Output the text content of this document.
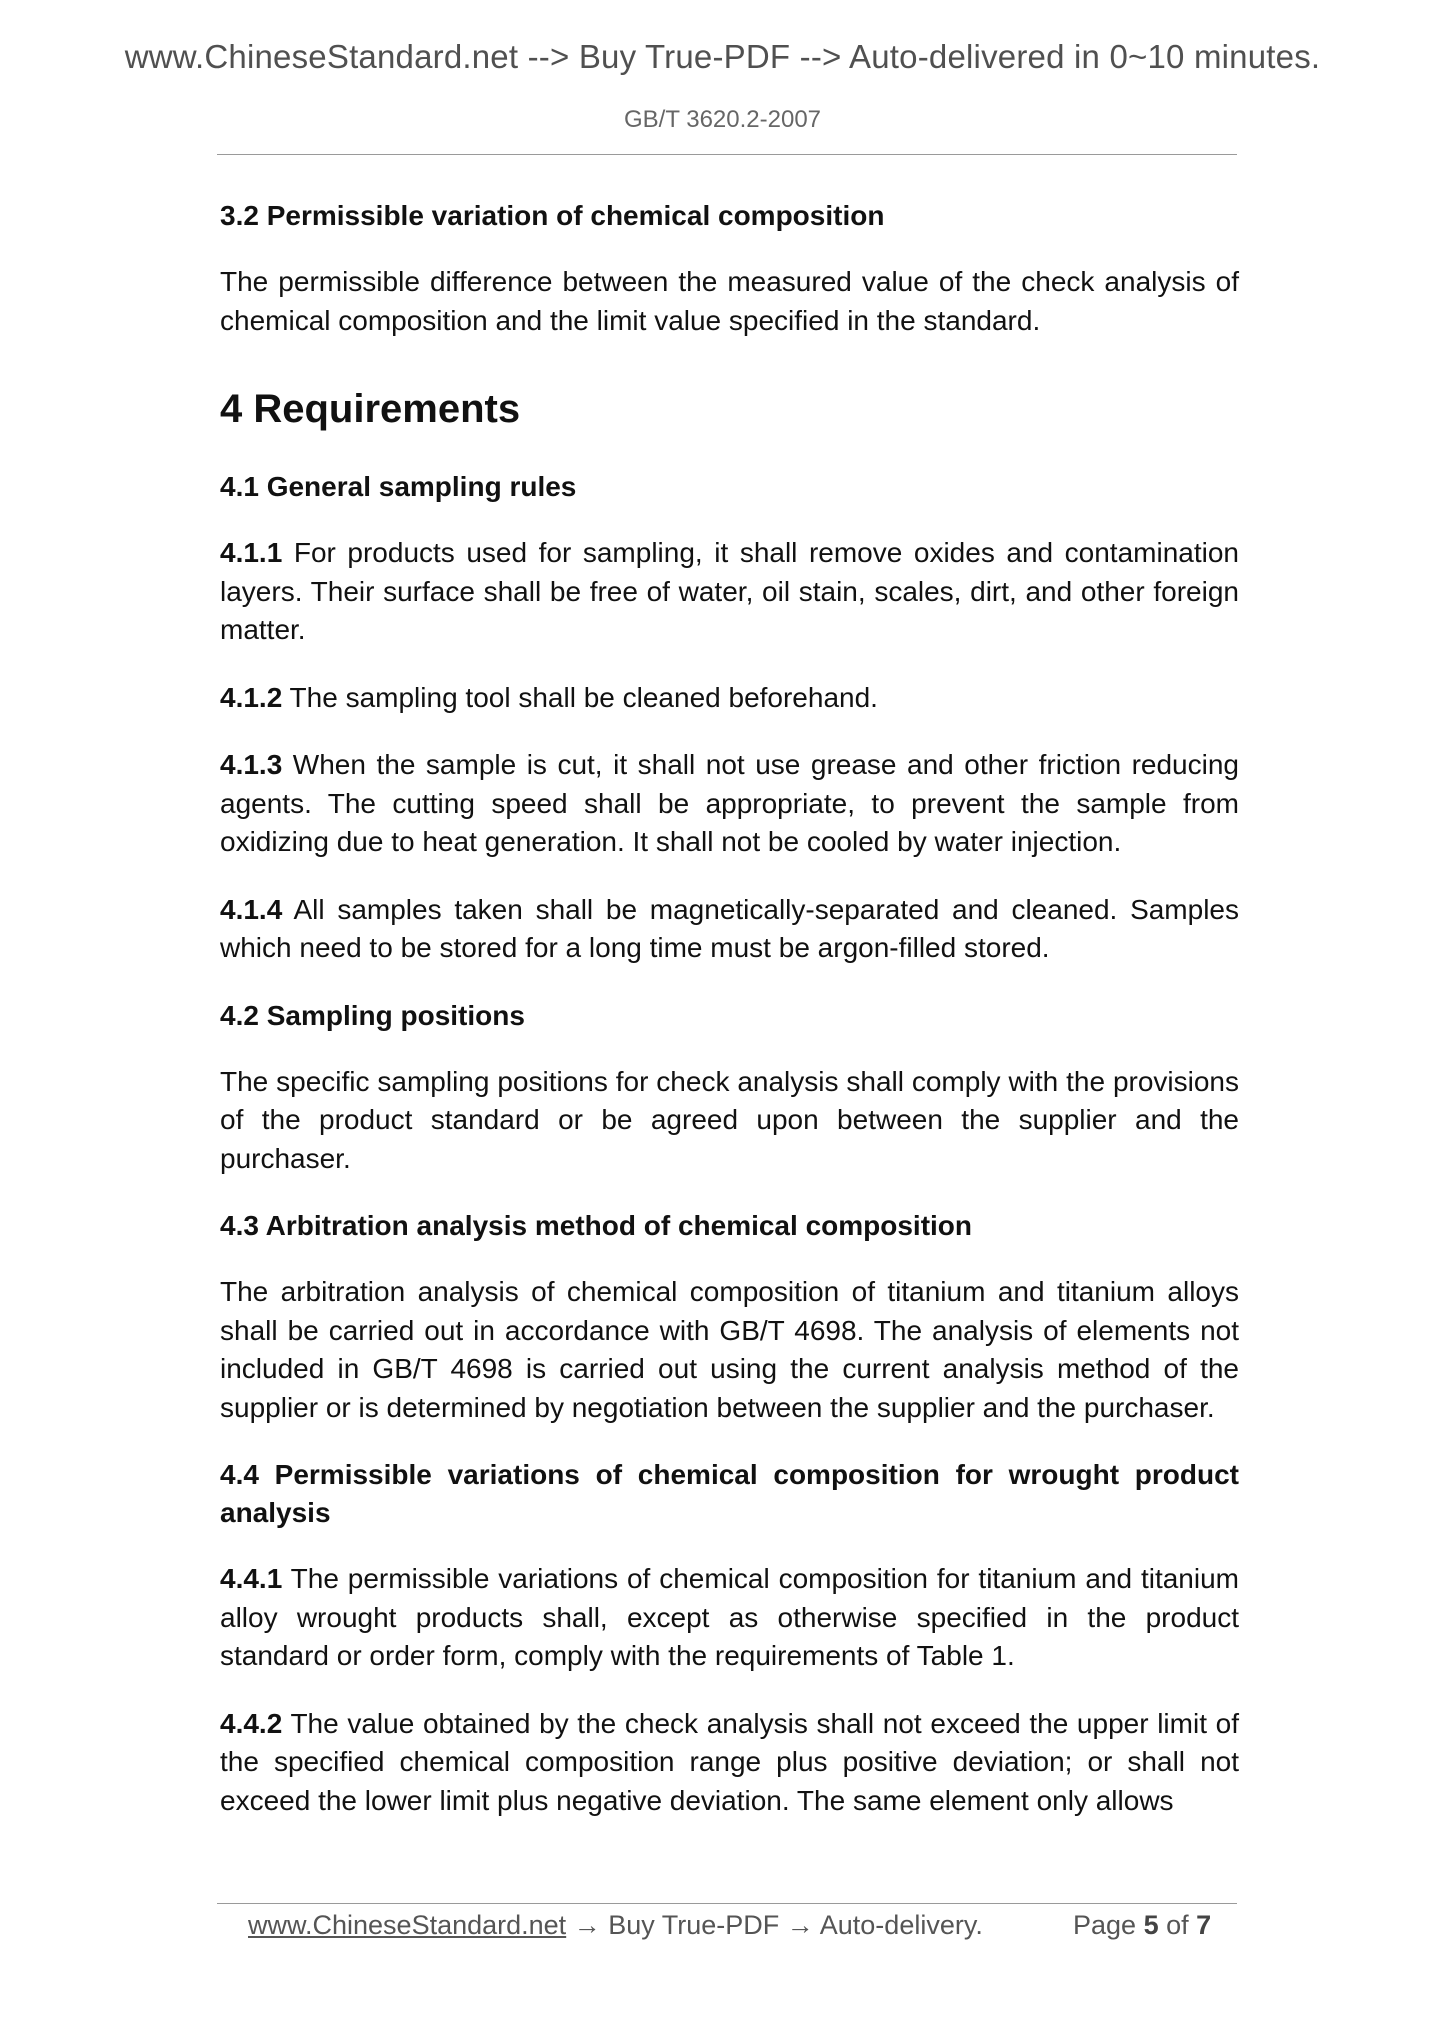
www.ChineseStandard.net --> Buy True-PDF --> Auto-delivered in 0~10 minutes.
GB/T 3620.2-2007
3.2 Permissible variation of chemical composition
The permissible difference between the measured value of the check analysis of chemical composition and the limit value specified in the standard.
4 Requirements
4.1 General sampling rules
4.1.1 For products used for sampling, it shall remove oxides and contamination layers. Their surface shall be free of water, oil stain, scales, dirt, and other foreign matter.
4.1.2 The sampling tool shall be cleaned beforehand.
4.1.3 When the sample is cut, it shall not use grease and other friction reducing agents. The cutting speed shall be appropriate, to prevent the sample from oxidizing due to heat generation. It shall not be cooled by water injection.
4.1.4 All samples taken shall be magnetically-separated and cleaned. Samples which need to be stored for a long time must be argon-filled stored.
4.2 Sampling positions
The specific sampling positions for check analysis shall comply with the provisions of the product standard or be agreed upon between the supplier and the purchaser.
4.3 Arbitration analysis method of chemical composition
The arbitration analysis of chemical composition of titanium and titanium alloys shall be carried out in accordance with GB/T 4698. The analysis of elements not included in GB/T 4698 is carried out using the current analysis method of the supplier or is determined by negotiation between the supplier and the purchaser.
4.4 Permissible variations of chemical composition for wrought product analysis
4.4.1 The permissible variations of chemical composition for titanium and titanium alloy wrought products shall, except as otherwise specified in the product standard or order form, comply with the requirements of Table 1.
4.4.2 The value obtained by the check analysis shall not exceed the upper limit of the specified chemical composition range plus positive deviation; or shall not exceed the lower limit plus negative deviation. The same element only allows
www.ChineseStandard.net → Buy True-PDF → Auto-delivery.	Page 5 of 7
